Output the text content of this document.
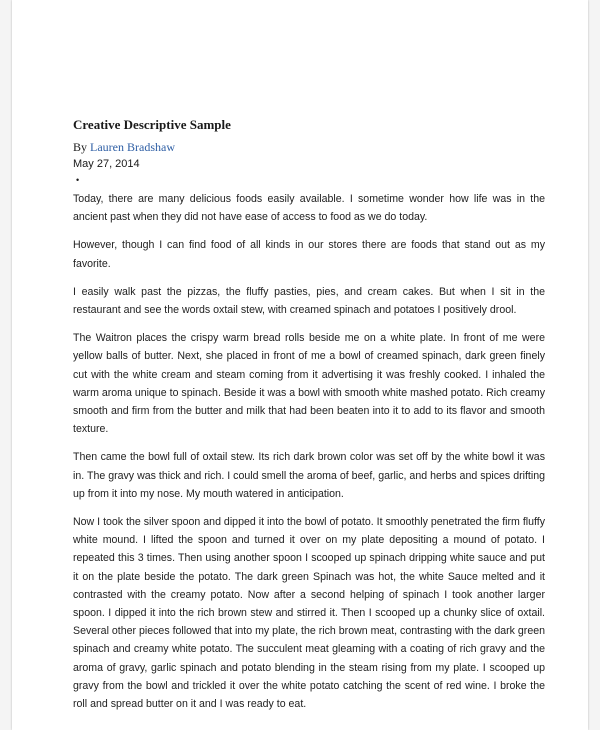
Creative Descriptive Sample
By Lauren Bradshaw
May 27, 2014
•

Today, there are many delicious foods easily available. I sometime wonder how life was in the ancient past when they did not have ease of access to food as we do today.

However, though I can find food of all kinds in our stores there are foods that stand out as my favorite.

I easily walk past the pizzas, the fluffy pasties, pies, and cream cakes. But when I sit in the restaurant and see the words oxtail stew, with creamed spinach and potatoes I positively drool.

The Waitron places the crispy warm bread rolls beside me on a white plate. In front of me were yellow balls of butter. Next, she placed in front of me a bowl of creamed spinach, dark green finely cut with the white cream and steam coming from it advertising it was freshly cooked. I inhaled the warm aroma unique to spinach. Beside it was a bowl with smooth white mashed potato. Rich creamy smooth and firm from the butter and milk that had been beaten into it to add to its flavor and smooth texture.

Then came the bowl full of oxtail stew. Its rich dark brown color was set off by the white bowl it was in. The gravy was thick and rich. I could smell the aroma of beef, garlic, and herbs and spices drifting up from it into my nose. My mouth watered in anticipation.

Now I took the silver spoon and dipped it into the bowl of potato. It smoothly penetrated the firm fluffy white mound. I lifted the spoon and turned it over on my plate depositing a mound of potato. I repeated this 3 times. Then using another spoon I scooped up spinach dripping white sauce and put it on the plate beside the potato. The dark green Spinach was hot, the white Sauce melted and it contrasted with the creamy potato. Now after a second helping of spinach I took another larger spoon. I dipped it into the rich brown stew and stirred it. Then I scooped up a chunky slice of oxtail. Several other pieces followed that into my plate, the rich brown meat, contrasting with the dark green spinach and creamy white potato. The succulent meat gleaming with a coating of rich gravy and the aroma of gravy, garlic spinach and potato blending in the steam rising from my plate. I scooped up gravy from the bowl and trickled it over the white potato catching the scent of red wine. I broke the roll and spread butter on it and I was ready to eat.
